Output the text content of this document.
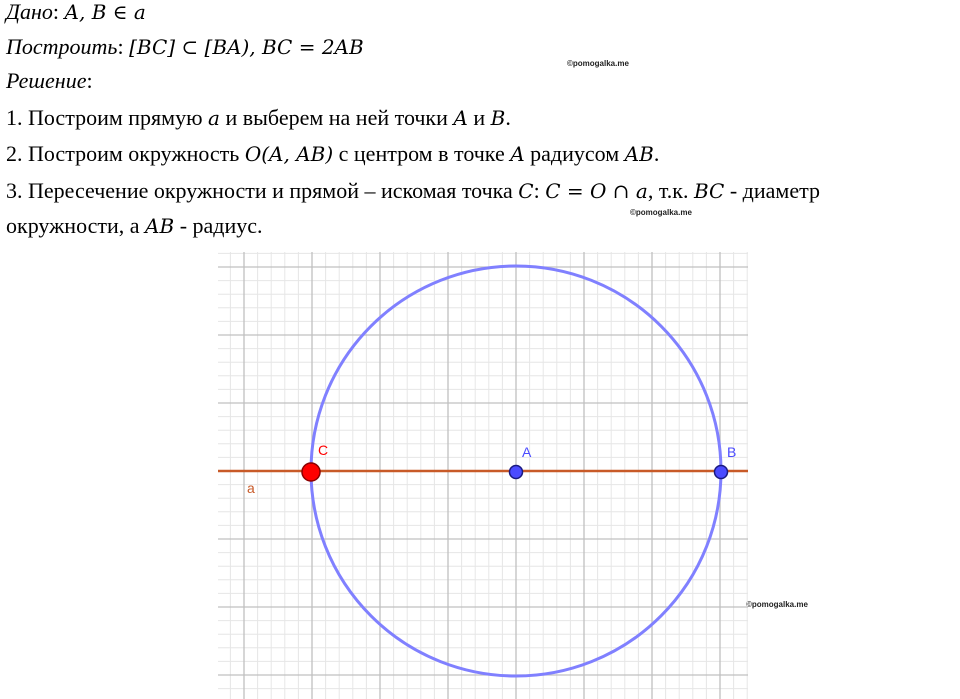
Дано: A, B ∈ a
Построить: [BC] ⊂ [BA), BC = 2AB
Решение:
1. Построим прямую a и выберем на ней точки A и B.
2. Построим окружность O(A, AB) с центром в точке A радиусом AB.
3. Пересечение окружности и прямой – искомая точка C: C = O ∩ a, т.к. BC - диаметр
окружности, а AB - радиус.
©pomogalka.me
©pomogalka.me
©pomogalka.me
C	A	B
a
